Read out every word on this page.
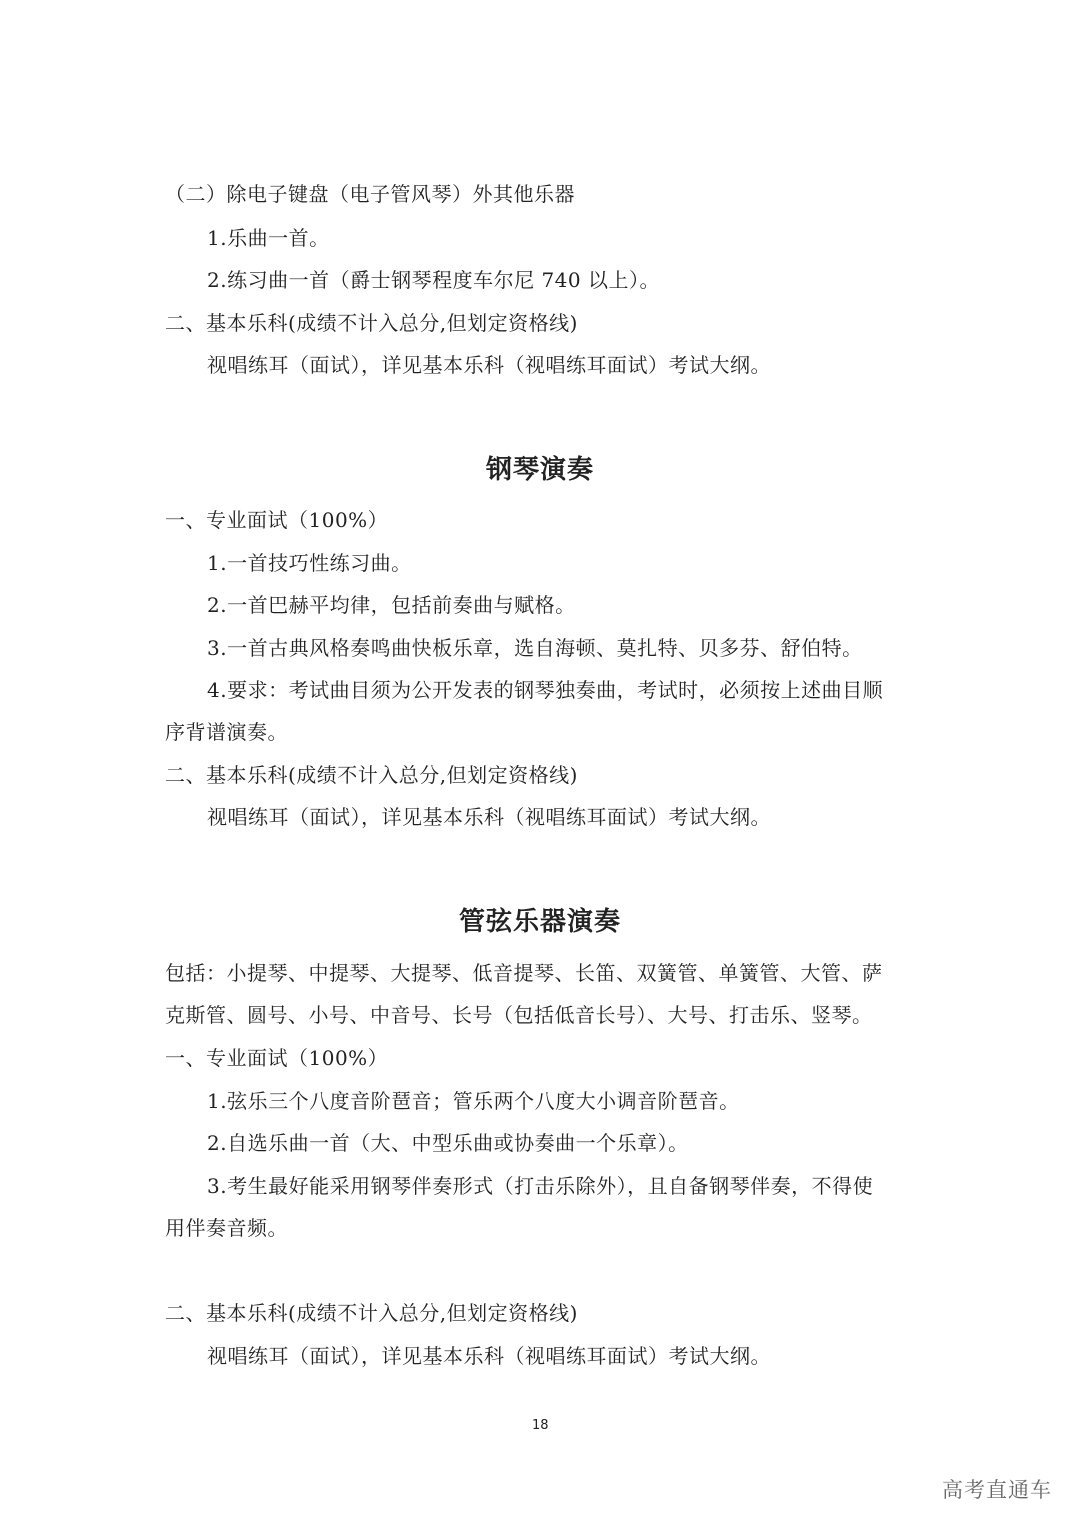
（二）除电子键盘（电子管风琴）外其他乐器
1.乐曲一首。
2.练习曲一首（爵士钢琴程度车尔尼 740 以上）。
二、基本乐科(成绩不计入总分,但划定资格线)
视唱练耳（面试），详见基本乐科（视唱练耳面试）考试大纲。
钢琴演奏
一、专业面试（100%）
1.一首技巧性练习曲。
2.一首巴赫平均律，包括前奏曲与赋格。
3.一首古典风格奏鸣曲快板乐章，选自海顿、莫扎特、贝多芬、舒伯特。
4.要求：考试曲目须为公开发表的钢琴独奏曲，考试时，必须按上述曲目顺
序背谱演奏。
二、基本乐科(成绩不计入总分,但划定资格线)
视唱练耳（面试），详见基本乐科（视唱练耳面试）考试大纲。
管弦乐器演奏
包括：小提琴、中提琴、大提琴、低音提琴、长笛、双簧管、单簧管、大管、萨
克斯管、圆号、小号、中音号、长号（包括低音长号）、大号、打击乐、竖琴。
一、专业面试（100%）
1.弦乐三个八度音阶琶音；管乐两个八度大小调音阶琶音。
2.自选乐曲一首（大、中型乐曲或协奏曲一个乐章）。
3.考生最好能采用钢琴伴奏形式（打击乐除外），且自备钢琴伴奏，不得使
用伴奏音频。
二、基本乐科(成绩不计入总分,但划定资格线)
视唱练耳（面试），详见基本乐科（视唱练耳面试）考试大纲。
18
高考直通车
